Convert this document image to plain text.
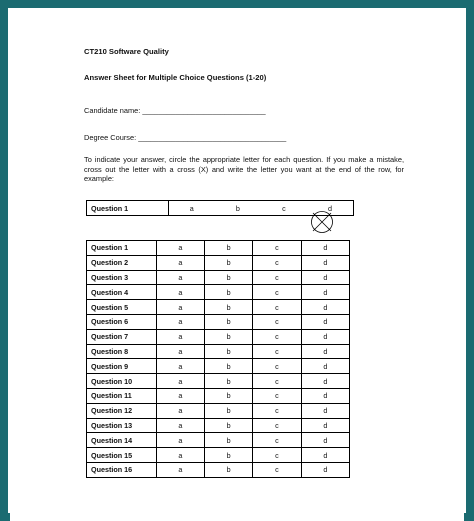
CT210 Software Quality
Answer Sheet for Multiple Choice Questions (1-20)
Candidate name: ______________________________
Degree Course: ____________________________________
To indicate your answer, circle the appropriate letter for each question. If you make a mistake, cross out the letter with a cross (X) and write the letter you want at the end of the row, for example:
Question 1	a	b	c	d
Question 1	a	b	c	d
Question 2	a	b	c	d
Question 3	a	b	c	d
Question 4	a	b	c	d
Question 5	a	b	c	d
Question 6	a	b	c	d
Question 7	a	b	c	d
Question 8	a	b	c	d
Question 9	a	b	c	d
Question 10	a	b	c	d
Question 11	a	b	c	d
Question 12	a	b	c	d
Question 13	a	b	c	d
Question 14	a	b	c	d
Question 15	a	b	c	d
Question 16	a	b	c	d
